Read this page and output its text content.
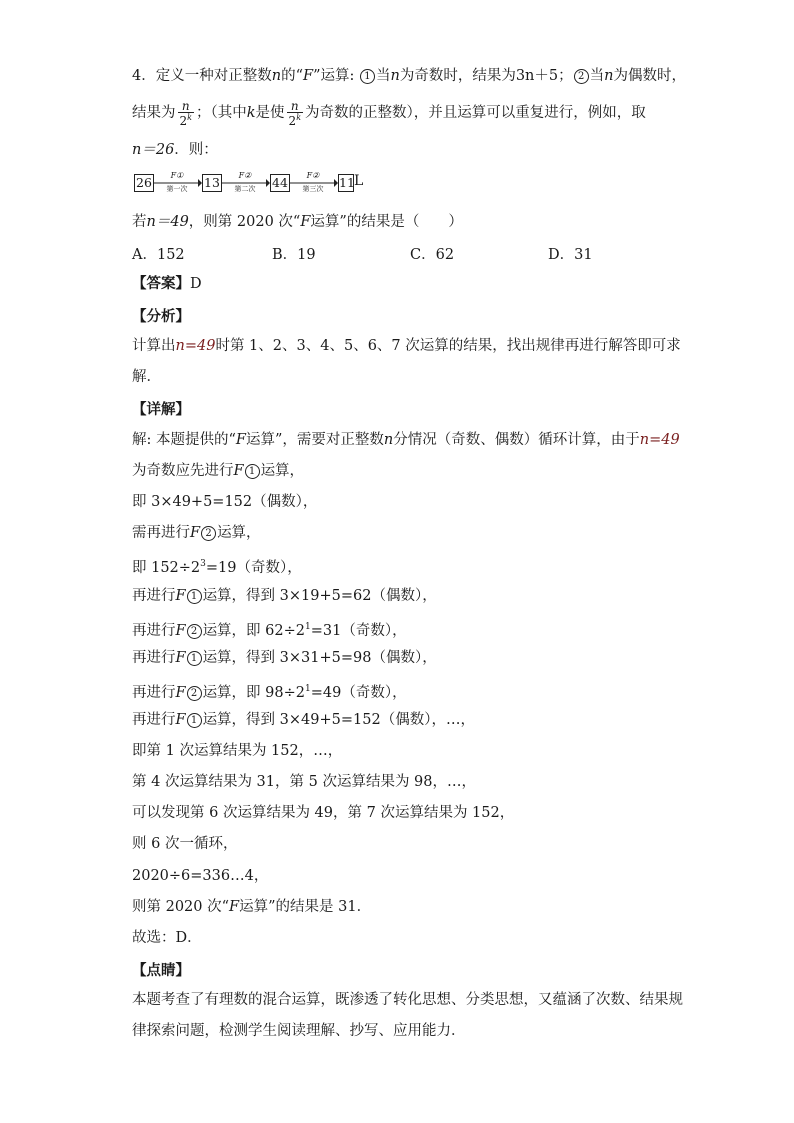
4．定义一种对正整数n的“F”运算: 1 当n为奇数时，结果为3n＋5； 2 当n为偶数时，
结果为 $\frac{n}{2^k}$ ；（其中k是使 $\frac{n}{2^k}$ 为奇数的正整数），并且运算可以重复进行，例如，取
n＝26．则：
26	F①
第一次	13	F②
第二次	44	F②
第三次	11 L
若n＝49，则第 2020 次“F运算”的结果是（　　）
A．152	B．19	C．62	D．31
【答案】D
【分析】
计算出n=49时第 1、2、3、4、5、6、7 次运算的结果，找出规律再进行解答即可求
解．
【详解】
解: 本题提供的“F运算”，需要对正整数n分情况（奇数、偶数）循环计算，由于n=49
为奇数应先进行F 1 运算，
即 3×49+5=152（偶数），
需再进行F 2 运算，
即 $152\div 2^3=19$（奇数），
再进行F 1 运算，得到 3×19+5=62（偶数），
再进行F 2 运算，即 $62\div 2^1=31$（奇数），
再进行F 1 运算，得到 3×31+5=98（偶数），
再进行F 2 运算，即 $98\div 2^1=49$（奇数），
再进行F 1 运算，得到 3×49+5=152（偶数），…，
即第 1 次运算结果为 152，…，
第 4 次运算结果为 31，第 5 次运算结果为 98，…，
可以发现第 6 次运算结果为 49，第 7 次运算结果为 152，
则 6 次一循环，
2020÷6=336…4，
则第 2020 次“F运算”的结果是 31．
故选：D．
【点睛】
本题考查了有理数的混合运算，既渗透了转化思想、分类思想，又蕴涵了次数、结果规
律探索问题，检测学生阅读理解、抄写、应用能力．
